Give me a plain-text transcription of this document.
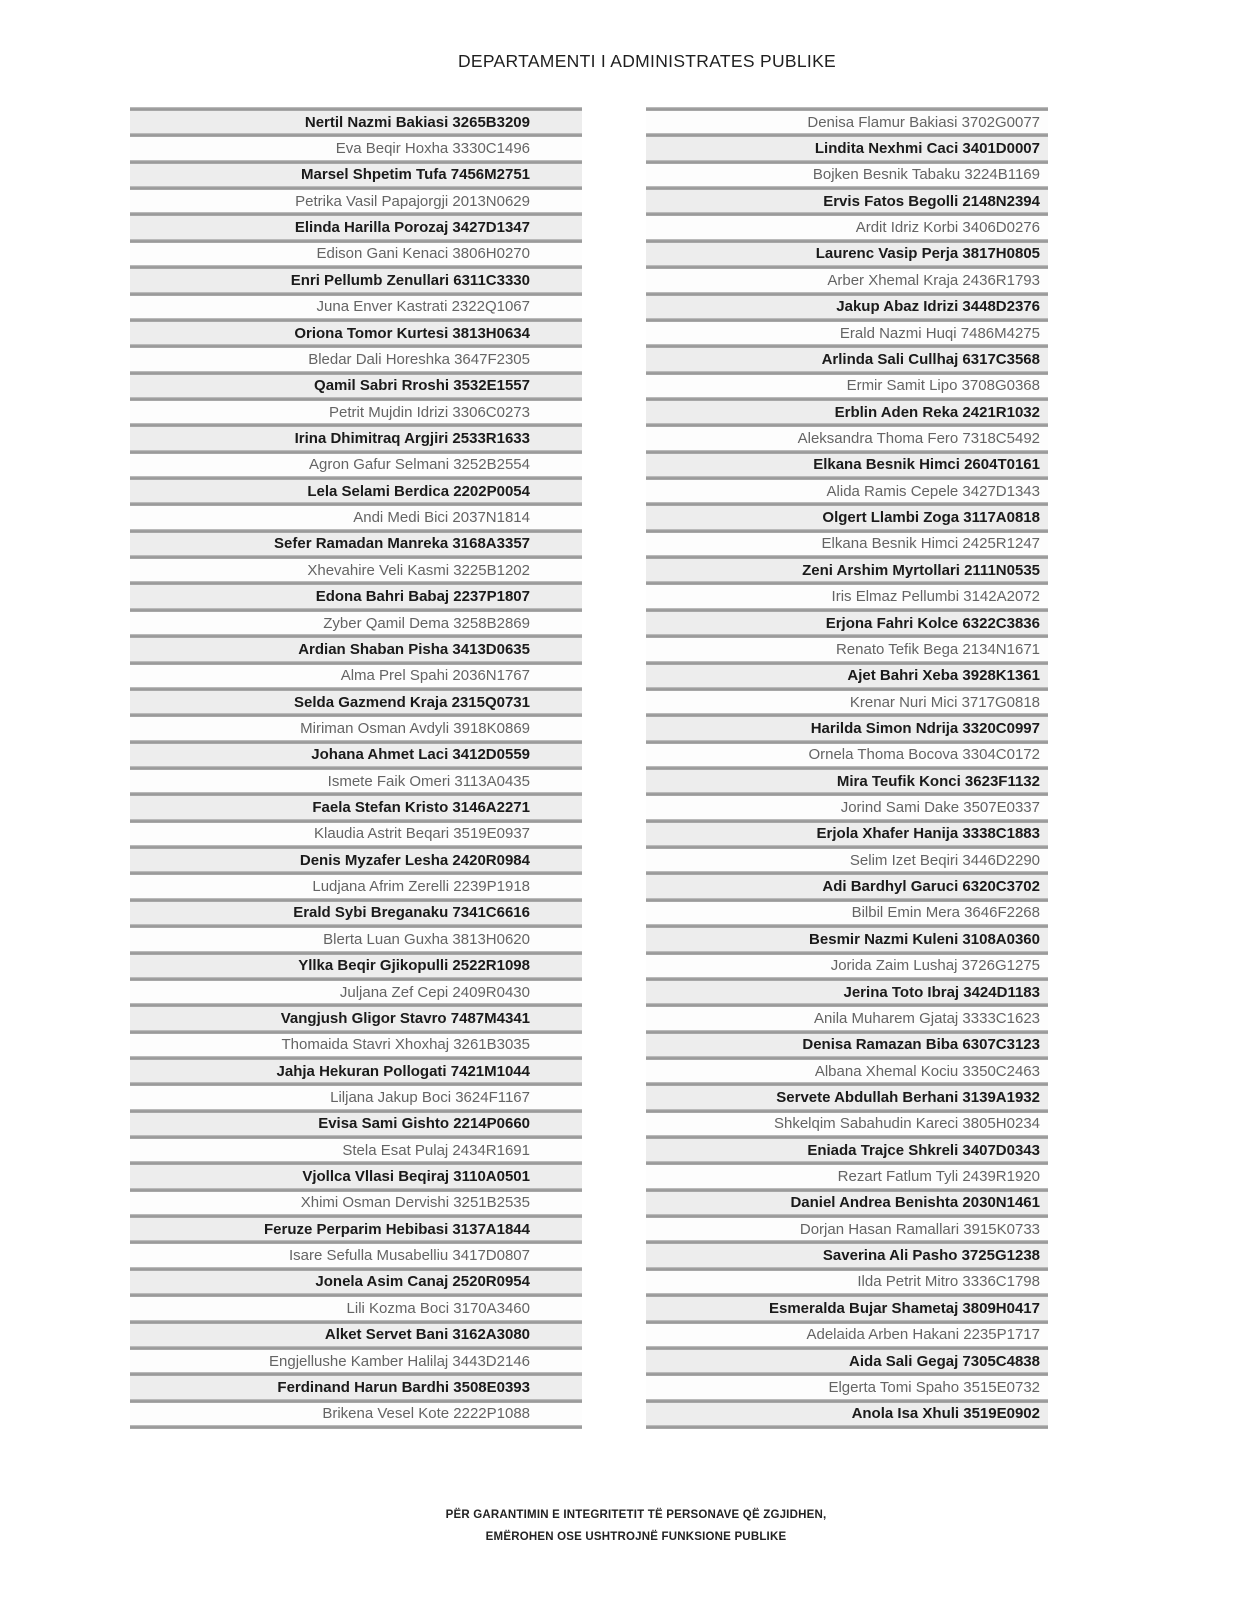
DEPARTAMENTI I ADMINISTRATES PUBLIKE
Nertil Nazmi Bakiasi 3265B3209
Eva Beqir Hoxha 3330C1496
Marsel Shpetim Tufa 7456M2751
Petrika Vasil Papajorgji 2013N0629
Elinda Harilla Porozaj 3427D1347
Edison Gani Kenaci 3806H0270
Enri Pellumb Zenullari 6311C3330
Juna Enver Kastrati 2322Q1067
Oriona Tomor Kurtesi 3813H0634
Bledar Dali Horeshka 3647F2305
Qamil Sabri Rroshi 3532E1557
Petrit Mujdin Idrizi 3306C0273
Irina Dhimitraq Argjiri 2533R1633
Agron Gafur Selmani 3252B2554
Lela Selami Berdica 2202P0054
Andi Medi Bici 2037N1814
Sefer Ramadan Manreka 3168A3357
Xhevahire Veli Kasmi 3225B1202
Edona Bahri Babaj 2237P1807
Zyber Qamil Dema 3258B2869
Ardian Shaban Pisha 3413D0635
Alma Prel Spahi 2036N1767
Selda Gazmend Kraja 2315Q0731
Miriman Osman Avdyli 3918K0869
Johana Ahmet Laci 3412D0559
Ismete Faik Omeri 3113A0435
Faela Stefan Kristo 3146A2271
Klaudia Astrit Beqari 3519E0937
Denis Myzafer Lesha 2420R0984
Ludjana Afrim Zerelli 2239P1918
Erald Sybi Breganaku 7341C6616
Blerta Luan Guxha 3813H0620
Yllka Beqir Gjikopulli 2522R1098
Juljana Zef Cepi 2409R0430
Vangjush Gligor Stavro 7487M4341
Thomaida Stavri Xhoxhaj 3261B3035
Jahja Hekuran Pollogati 7421M1044
Liljana Jakup Boci 3624F1167
Evisa Sami Gishto 2214P0660
Stela Esat Pulaj 2434R1691
Vjollca Vllasi Beqiraj 3110A0501
Xhimi Osman Dervishi 3251B2535
Feruze Perparim Hebibasi 3137A1844
Isare Sefulla Musabelliu 3417D0807
Jonela Asim Canaj 2520R0954
Lili Kozma Boci 3170A3460
Alket Servet Bani 3162A3080
Engjellushe Kamber Halilaj 3443D2146
Ferdinand Harun Bardhi 3508E0393
Brikena Vesel Kote 2222P1088
Denisa Flamur Bakiasi 3702G0077
Lindita Nexhmi Caci 3401D0007
Bojken Besnik Tabaku 3224B1169
Ervis Fatos Begolli 2148N2394
Ardit Idriz Korbi 3406D0276
Laurenc Vasip Perja 3817H0805
Arber Xhemal Kraja 2436R1793
Jakup Abaz Idrizi 3448D2376
Erald Nazmi Huqi 7486M4275
Arlinda Sali Cullhaj 6317C3568
Ermir Samit Lipo 3708G0368
Erblin Aden Reka 2421R1032
Aleksandra Thoma Fero 7318C5492
Elkana Besnik Himci 2604T0161
Alida Ramis Cepele 3427D1343
Olgert Llambi Zoga 3117A0818
Elkana Besnik Himci 2425R1247
Zeni Arshim Myrtollari 2111N0535
Iris Elmaz Pellumbi 3142A2072
Erjona Fahri Kolce 6322C3836
Renato Tefik Bega 2134N1671
Ajet Bahri Xeba 3928K1361
Krenar Nuri Mici 3717G0818
Harilda Simon Ndrija 3320C0997
Ornela Thoma Bocova 3304C0172
Mira Teufik Konci 3623F1132
Jorind Sami Dake 3507E0337
Erjola Xhafer Hanija 3338C1883
Selim Izet Beqiri 3446D2290
Adi Bardhyl Garuci 6320C3702
Bilbil Emin Mera 3646F2268
Besmir Nazmi Kuleni 3108A0360
Jorida Zaim Lushaj 3726G1275
Jerina Toto Ibraj 3424D1183
Anila Muharem Gjataj 3333C1623
Denisa Ramazan Biba 6307C3123
Albana Xhemal Kociu 3350C2463
Servete Abdullah Berhani 3139A1932
Shkelqim Sabahudin Kareci 3805H0234
Eniada Trajce Shkreli 3407D0343
Rezart Fatlum Tyli 2439R1920
Daniel Andrea Benishta 2030N1461
Dorjan Hasan Ramallari 3915K0733
Saverina Ali Pasho 3725G1238
Ilda Petrit Mitro 3336C1798
Esmeralda Bujar Shametaj 3809H0417
Adelaida Arben Hakani 2235P1717
Aida Sali Gegaj 7305C4838
Elgerta Tomi Spaho 3515E0732
Anola Isa Xhuli 3519E0902
PËR GARANTIMIN E INTEGRITETIT TË PERSONAVE QË ZGJIDHEN,
EMËROHEN OSE USHTROJNË FUNKSIONE PUBLIKE
